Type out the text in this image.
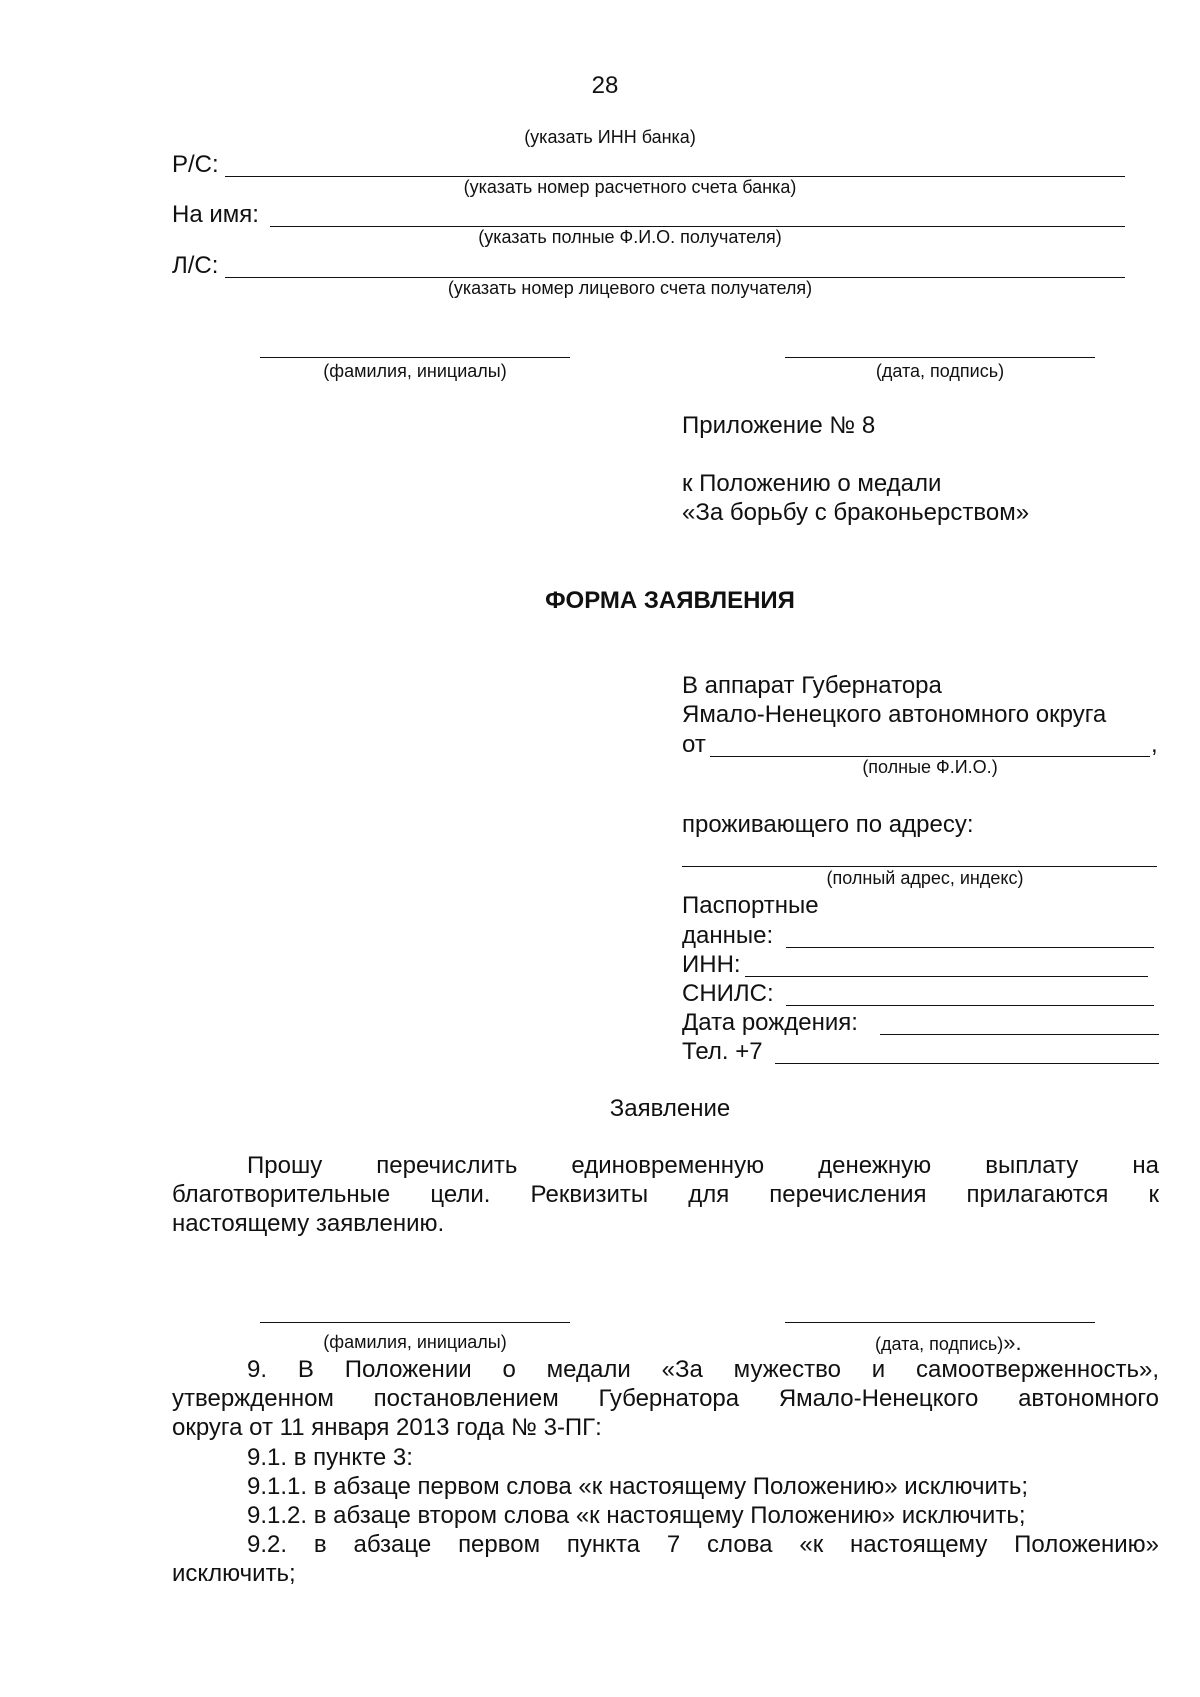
28
(указать ИНН банка)
Р/С:
(указать номер расчетного счета банка)
На имя:
(указать полные Ф.И.О. получателя)
Л/С:
(указать номер лицевого счета получателя)
(фамилия, инициалы)	(дата, подпись)
Приложение № 8
к Положению о медали
«За борьбу с браконьерством»
ФОРМА ЗАЯВЛЕНИЯ
В аппарат Губернатора
Ямало-Ненецкого автономного округа
от	,
(полные Ф.И.О.)
проживающего по адресу:
(полный адрес, индекс)
Паспортные
данные:
ИНН:
СНИЛС:
Дата рождения:
Тел. +7
Заявление
Прошу перечислить единовременную денежную выплату на
благотворительные цели. Реквизиты для перечисления прилагаются к
настоящему заявлению.
(фамилия, инициалы)	(дата, подпись)».
9. В Положении о медали «За мужество и самоотверженность»,
утвержденном постановлением Губернатора Ямало-Ненецкого автономного
округа от 11 января 2013 года № 3-ПГ:
9.1. в пункте 3:
9.1.1. в абзаце первом слова «к настоящему Положению» исключить;
9.1.2. в абзаце втором слова «к настоящему Положению» исключить;
9.2. в абзаце первом пункта 7 слова «к настоящему Положению»
исключить;
